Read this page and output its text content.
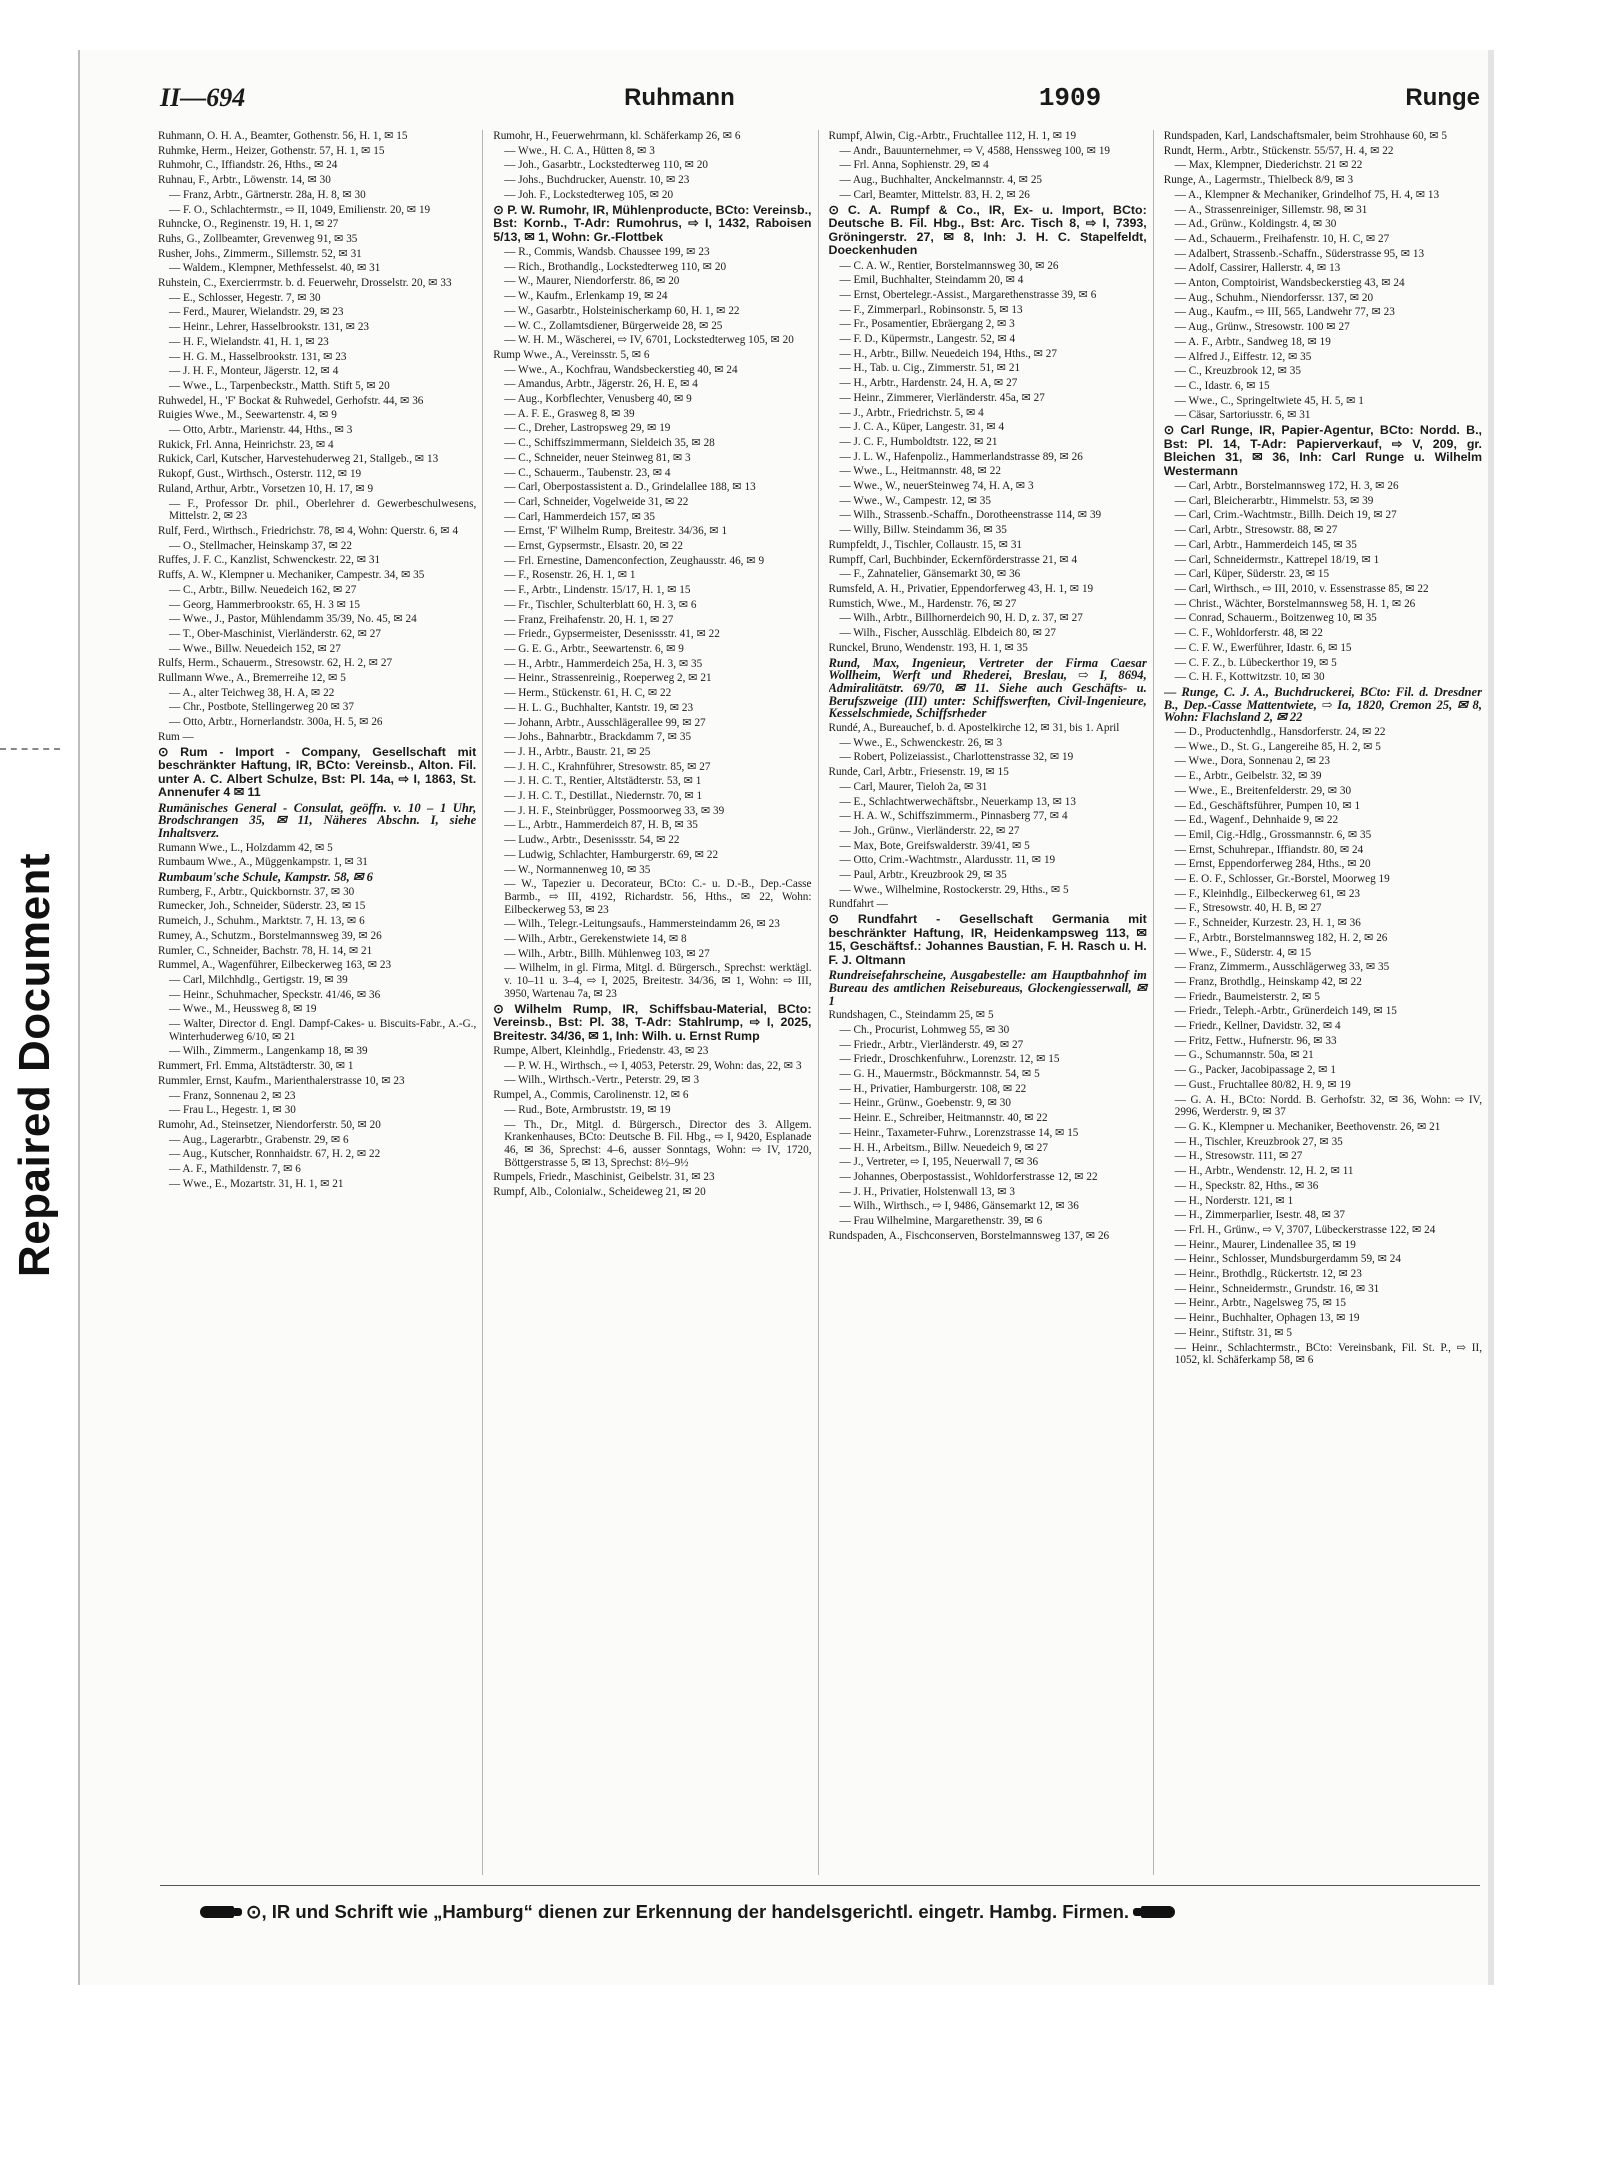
Repaired Document
II—694	Ruhmann	1909	Runge
Ruhmann, O. H. A., Beamter, Gothenstr. 56, H. 1, ✉ 15
Ruhmke, Herm., Heizer, Gothenstr. 57, H. 1, ✉ 15
Ruhmohr, C., Iffiandstr. 26, Hths., ✉ 24
Ruhnau, F., Arbtr., Löwenstr. 14, ✉ 30
— Franz, Arbtr., Gärtnerstr. 28a, H. 8, ✉ 30
— F. O., Schlachtermstr., ⇨ II, 1049, Emilienstr. 20, ✉ 19
Ruhncke, O., Reginenstr. 19, H. 1, ✉ 27
Ruhs, G., Zollbeamter, Grevenweg 91, ✉ 35
Rusher, Johs., Zimmerm., Sillemstr. 52, ✉ 31
— Waldem., Klempner, Methfesselst. 40, ✉ 31
Ruhstein, C., Exercierrmstr. b. d. Feuerwehr, Drosselstr. 20, ✉ 33
— E., Schlosser, Hegestr. 7, ✉ 30
— Ferd., Maurer, Wielandstr. 29, ✉ 23
— Heinr., Lehrer, Hasselbrookstr. 131, ✉ 23
— H. F., Wielandstr. 41, H. 1, ✉ 23
— H. G. M., Hasselbrookstr. 131, ✉ 23
— J. H. F., Monteur, Jägerstr. 12, ✉ 4
— Wwe., L., Tarpenbeckstr., Matth. Stift 5, ✉ 20
Ruhwedel, H., 'F' Bockat & Ruhwedel, Gerhofstr. 44, ✉ 36
Ruigies Wwe., M., Seewartenstr. 4, ✉ 9
— Otto, Arbtr., Marienstr. 44, Hths., ✉ 3
Rukick, Frl. Anna, Heinrichstr. 23, ✉ 4
Rukick, Carl, Kutscher, Harvestehuderweg 21, Stallgeb., ✉ 13
Rukopf, Gust., Wirthsch., Osterstr. 112, ✉ 19
Ruland, Arthur, Arbtr., Vorsetzen 10, H. 17, ✉ 9
— F., Professor Dr. phil., Oberlehrer d. Gewerbeschulwesens, Mittelstr. 2, ✉ 23
Rulf, Ferd., Wirthsch., Friedrichstr. 78, ✉ 4, Wohn: Querstr. 6, ✉ 4
— O., Stellmacher, Heinskamp 37, ✉ 22
Ruffes, J. F. C., Kanzlist, Schwenckestr. 22, ✉ 31
Ruffs, A. W., Klempner u. Mechaniker, Campestr. 34, ✉ 35
— C., Arbtr., Billw. Neuedeich 162, ✉ 27
— Georg, Hammerbrookstr. 65, H. 3 ✉ 15
— Wwe., J., Pastor, Mühlendamm 35/39, No. 45, ✉ 24
— T., Ober-Maschinist, Vierländerstr. 62, ✉ 27
— Wwe., Billw. Neuedeich 152, ✉ 27
Rulfs, Herm., Schauerm., Stresowstr. 62, H. 2, ✉ 27
Rullmann Wwe., A., Bremerreihe 12, ✉ 5
— A., alter Teichweg 38, H. A, ✉ 22
— Chr., Postbote, Stellingerweg 20 ✉ 37
— Otto, Arbtr., Hornerlandstr. 300a, H. 5, ✉ 26
Rum —
⊙ Rum - Import - Company, Gesellschaft mit beschränkter Haftung, IR, BCto: Vereinsb., Alton. Fil. unter A. C. Albert Schulze, Bst: Pl. 14a, ⇨ I, 1863, St. Annenufer 4 ✉ 11
Rumänisches General - Consulat, geöffn. v. 10 – 1 Uhr, Brodschrangen 35, ✉ 11, Näheres Abschn. I, siehe Inhaltsverz.
Rumann Wwe., L., Holzdamm 42, ✉ 5
Rumbaum Wwe., A., Müggenkampstr. 1, ✉ 31
Rumbaum'sche Schule, Kampstr. 58, ✉ 6
Rumberg, F., Arbtr., Quickbornstr. 37, ✉ 30
Rumecker, Joh., Schneider, Süderstr. 23, ✉ 15
Rumeich, J., Schuhm., Marktstr. 7, H. 13, ✉ 6
Rumey, A., Schutzm., Borstelmannsweg 39, ✉ 26
Rumler, C., Schneider, Bachstr. 78, H. 14, ✉ 21
Rummel, A., Wagenführer, Eilbeckerweg 163, ✉ 23
— Carl, Milchhdlg., Gertigstr. 19, ✉ 39
— Heinr., Schuhmacher, Speckstr. 41/46, ✉ 36
— Wwe., M., Heussweg 8, ✉ 19
— Walter, Director d. Engl. Dampf-Cakes- u. Biscuits-Fabr., A.-G., Winterhuderweg 6/10, ✉ 21
— Wilh., Zimmerm., Langenkamp 18, ✉ 39
Rummert, Frl. Emma, Altstädterstr. 30, ✉ 1
Rummler, Ernst, Kaufm., Marienthalerstrasse 10, ✉ 23
— Franz, Sonnenau 2, ✉ 23
— Frau L., Hegestr. 1, ✉ 30
Rumohr, Ad., Steinsetzer, Niendorferstr. 50, ✉ 20
— Aug., Lagerarbtr., Grabenstr. 29, ✉ 6
— Aug., Kutscher, Ronnhaidstr. 67, H. 2, ✉ 22
— A. F., Mathildenstr. 7, ✉ 6
— Wwe., E., Mozartstr. 31, H. 1, ✉ 21
Rumohr, H., Feuerwehrmann, kl. Schäferkamp 26, ✉ 6
— Wwe., H. C. A., Hütten 8, ✉ 3
— Joh., Gasarbtr., Lockstedterweg 110, ✉ 20
— Johs., Buchdrucker, Auenstr. 10, ✉ 23
— Joh. F., Lockstedterweg 105, ✉ 20
⊙ P. W. Rumohr, IR, Mühlenproducte, BCto: Vereinsb., Bst: Kornb., T-Adr: Rumohrus, ⇨ I, 1432, Raboisen 5/13, ✉ 1, Wohn: Gr.-Flottbek
— R., Commis, Wandsb. Chaussee 199, ✉ 23
— Rich., Brothandlg., Lockstedterweg 110, ✉ 20
— W., Maurer, Niendorferstr. 86, ✉ 20
— W., Kaufm., Erlenkamp 19, ✉ 24
— W., Gasarbtr., Holsteinischerkamp 60, H. 1, ✉ 22
— W. C., Zollamtsdiener, Bürgerweide 28, ✉ 25
— W. H. M., Wäscherei, ⇨ IV, 6701, Lockstedterweg 105, ✉ 20
Rump Wwe., A., Vereinsstr. 5, ✉ 6
— Wwe., A., Kochfrau, Wandsbeckerstieg 40, ✉ 24
— Amandus, Arbtr., Jägerstr. 26, H. E, ✉ 4
— Aug., Korbflechter, Venusberg 40, ✉ 9
— A. F. E., Grasweg 8, ✉ 39
— C., Dreher, Lastropsweg 29, ✉ 19
— C., Schiffszimmermann, Sieldeich 35, ✉ 28
— C., Schneider, neuer Steinweg 81, ✉ 3
— C., Schauerm., Taubenstr. 23, ✉ 4
— Carl, Oberpostassistent a. D., Grindelallee 188, ✉ 13
— Carl, Schneider, Vogelweide 31, ✉ 22
— Carl, Hammerdeich 157, ✉ 35
— Ernst, 'F' Wilhelm Rump, Breitestr. 34/36, ✉ 1
— Ernst, Gypsermstr., Elsastr. 20, ✉ 22
— Frl. Ernestine, Damenconfection, Zeughausstr. 46, ✉ 9
— F., Rosenstr. 26, H. 1, ✉ 1
— F., Arbtr., Lindenstr. 15/17, H. 1, ✉ 15
— Fr., Tischler, Schulterblatt 60, H. 3, ✉ 6
— Franz, Freihafenstr. 20, H. 1, ✉ 27
— Friedr., Gypsermeister, Desenissstr. 41, ✉ 22
— G. E. G., Arbtr., Seewartenstr. 6, ✉ 9
— H., Arbtr., Hammerdeich 25a, H. 3, ✉ 35
— Heinr., Strassenreinig., Roeperweg 2, ✉ 21
— Herm., Stückenstr. 61, H. C, ✉ 22
— H. L. G., Buchhalter, Kantstr. 19, ✉ 23
— Johann, Arbtr., Ausschlägerallee 99, ✉ 27
— Johs., Bahnarbtr., Brackdamm 7, ✉ 35
— J. H., Arbtr., Baustr. 21, ✉ 25
— J. H. C., Krahnführer, Stresowstr. 85, ✉ 27
— J. H. C. T., Rentier, Altstädterstr. 53, ✉ 1
— J. H. C. T., Destillat., Niedernstr. 70, ✉ 1
— J. H. F., Steinbrügger, Possmoorweg 33, ✉ 39
— L., Arbtr., Hammerdeich 87, H. B, ✉ 35
— Ludw., Arbtr., Desenissstr. 54, ✉ 22
— Ludwig, Schlachter, Hamburgerstr. 69, ✉ 22
— W., Normannenweg 10, ✉ 35
— W., Tapezier u. Decorateur, BCto: C.- u. D.-B., Dep.-Casse Barmb., ⇨ III, 4192, Richardstr. 56, Hths., ✉ 22, Wohn: Eilbeckerweg 53, ✉ 23
— Wilh., Telegr.-Leitungsaufs., Hammersteindamm 26, ✉ 23
— Wilh., Arbtr., Gerekenstwiete 14, ✉ 8
— Wilh., Arbtr., Billh. Mühlenweg 103, ✉ 27
— Wilhelm, in gl. Firma, Mitgl. d. Bürgersch., Sprechst: werktägl. v. 10–11 u. 3–4, ⇨ I, 2025, Breitestr. 34/36, ✉ 1, Wohn: ⇨ III, 3950, Wartenau 7a, ✉ 23
⊙ Wilhelm Rump, IR, Schiffsbau-Material, BCto: Vereinsb., Bst: Pl. 38, T-Adr: Stahlrump, ⇨ I, 2025, Breitestr. 34/36, ✉ 1, Inh: Wilh. u. Ernst Rump
Rumpe, Albert, Kleinhdlg., Friedenstr. 43, ✉ 23
— P. W. H., Wirthsch., ⇨ I, 4053, Peterstr. 29, Wohn: das, 22, ✉ 3
— Wilh., Wirthsch.-Vertr., Peterstr. 29, ✉ 3
Rumpel, A., Commis, Carolinenstr. 12, ✉ 6
— Rud., Bote, Armbruststr. 19, ✉ 19
— Th., Dr., Mitgl. d. Bürgersch., Director des 3. Allgem. Krankenhauses, BCto: Deutsche B. Fil. Hbg., ⇨ I, 9420, Esplanade 46, ✉ 36, Sprechst: 4–6, ausser Sonntags, Wohn: ⇨ IV, 1720, Böttgerstrasse 5, ✉ 13, Sprechst: 8½–9½
Rumpels, Friedr., Maschinist, Geibelstr. 31, ✉ 23
Rumpf, Alb., Colonialw., Scheideweg 21, ✉ 20
Rumpf, Alwin, Cig.-Arbtr., Fruchtallee 112, H. 1, ✉ 19
— Andr., Bauunternehmer, ⇨ V, 4588, Henssweg 100, ✉ 19
— Frl. Anna, Sophienstr. 29, ✉ 4
— Aug., Buchhalter, Anckelmannstr. 4, ✉ 25
— Carl, Beamter, Mittelstr. 83, H. 2, ✉ 26
⊙ C. A. Rumpf & Co., IR, Ex- u. Import, BCto: Deutsche B. Fil. Hbg., Bst: Arc. Tisch 8, ⇨ I, 7393, Gröningerstr. 27, ✉ 8, Inh: J. H. C. Stapelfeldt, Doeckenhuden
— C. A. W., Rentier, Borstelmannsweg 30, ✉ 26
— Emil, Buchhalter, Steindamm 20, ✉ 4
— Ernst, Obertelegr.-Assist., Margarethenstrasse 39, ✉ 6
— F., Zimmerparl., Robinsonstr. 5, ✉ 13
— Fr., Posamentier, Ebräergang 2, ✉ 3
— F. D., Küpermstr., Langestr. 52, ✉ 4
— H., Arbtr., Billw. Neuedeich 194, Hths., ✉ 27
— H., Tab. u. Cig., Zimmerstr. 51, ✉ 21
— H., Arbtr., Hardenstr. 24, H. A, ✉ 27
— Heinr., Zimmerer, Vierländerstr. 45a, ✉ 27
— J., Arbtr., Friedrichstr. 5, ✉ 4
— J. C. A., Küper, Langestr. 31, ✉ 4
— J. C. F., Humboldtstr. 122, ✉ 21
— J. L. W., Hafenpoliz., Hammerlandstrasse 89, ✉ 26
— Wwe., L., Heitmannstr. 48, ✉ 22
— Wwe., W., neuerSteinweg 74, H. A, ✉ 3
— Wwe., W., Campestr. 12, ✉ 35
— Wilh., Strassenb.-Schaffn., Dorotheenstrasse 114, ✉ 39
— Willy, Billw. Steindamm 36, ✉ 35
Rumpfeldt, J., Tischler, Collaustr. 15, ✉ 31
Rumpff, Carl, Buchbinder, Eckernförderstrasse 21, ✉ 4
— F., Zahnatelier, Gänsemarkt 30, ✉ 36
Rumsfeld, A. H., Privatier, Eppendorferweg 43, H. 1, ✉ 19
Rumstich, Wwe., M., Hardenstr. 76, ✉ 27
— Wilh., Arbtr., Billhornerdeich 90, H. D, z. 37, ✉ 27
— Wilh., Fischer, Ausschläg. Elbdeich 80, ✉ 27
Runckel, Bruno, Wendenstr. 193, H. 1, ✉ 35
Rund, Max, Ingenieur, Vertreter der Firma Caesar Wollheim, Werft und Rhederei, Breslau, ⇨ I, 8694, Admiralitätstr. 69/70, ✉ 11. Siehe auch Geschäfts- u. Berufszweige (III) unter: Schiffswerften, Civil-Ingenieure, Kesselschmiede, Schiffsrheder
Rundé, A., Bureauchef, b. d. Apostelkirche 12, ✉ 31, bis 1. April
— Wwe., E., Schwenckestr. 26, ✉ 3
— Robert, Polizeiassist., Charlottenstrasse 32, ✉ 19
Runde, Carl, Arbtr., Friesenstr. 19, ✉ 15
— Carl, Maurer, Tieloh 2a, ✉ 31
— E., Schlachtwerwechäftsbr., Neuerkamp 13, ✉ 13
— H. A. W., Schiffszimmerm., Pinnasberg 77, ✉ 4
— Joh., Grünw., Vierländerstr. 22, ✉ 27
— Max, Bote, Greifswalderstr. 39/41, ✉ 5
— Otto, Crim.-Wachtmstr., Alardusstr. 11, ✉ 19
— Paul, Arbtr., Kreuzbrook 29, ✉ 35
— Wwe., Wilhelmine, Rostockerstr. 29, Hths., ✉ 5
Rundfahrt —
⊙ Rundfahrt - Gesellschaft Germania mit beschränkter Haftung, IR, Heidenkampsweg 113, ✉ 15, Geschäftsf.: Johannes Baustian, F. H. Rasch u. H. F. J. Oltmann
Rundreisefahrscheine, Ausgabestelle: am Hauptbahnhof im Bureau des amtlichen Reisebureaus, Glockengiesserwall, ✉ 1
Rundshagen, C., Steindamm 25, ✉ 5
— Ch., Procurist, Lohmweg 55, ✉ 30
— Friedr., Arbtr., Vierländerstr. 49, ✉ 27
— Friedr., Droschkenfuhrw., Lorenzstr. 12, ✉ 15
— G. H., Mauermstr., Böckmannstr. 54, ✉ 5
— H., Privatier, Hamburgerstr. 108, ✉ 22
— Heinr., Grünw., Goebenstr. 9, ✉ 30
— Heinr. E., Schreiber, Heitmannstr. 40, ✉ 22
— Heinr., Taxameter-Fuhrw., Lorenzstrasse 14, ✉ 15
— H. H., Arbeitsm., Billw. Neuedeich 9, ✉ 27
— J., Vertreter, ⇨ I, 195, Neuerwall 7, ✉ 36
— Johannes, Oberpostassist., Wohldorferstrasse 12, ✉ 22
— J. H., Privatier, Holstenwall 13, ✉ 3
— Wilh., Wirthsch., ⇨ I, 9486, Gänsemarkt 12, ✉ 36
— Frau Wilhelmine, Margarethenstr. 39, ✉ 6
Rundspaden, A., Fischconserven, Borstelmannsweg 137, ✉ 26
Rundspaden, Karl, Landschaftsmaler, beim Strohhause 60, ✉ 5
Rundt, Herm., Arbtr., Stückenstr. 55/57, H. 4, ✉ 22
— Max, Klempner, Diederichstr. 21 ✉ 22
Runge, A., Lagermstr., Thielbeck 8/9, ✉ 3
— A., Klempner & Mechaniker, Grindelhof 75, H. 4, ✉ 13
— A., Strassenreiniger, Sillemstr. 98, ✉ 31
— Ad., Grünw., Koldingstr. 4, ✉ 30
— Ad., Schauerm., Freihafenstr. 10, H. C, ✉ 27
— Adalbert, Strassenb.-Schaffn., Süderstrasse 95, ✉ 13
— Adolf, Cassirer, Hallerstr. 4, ✉ 13
— Anton, Comptoirist, Wandsbeckerstieg 43, ✉ 24
— Aug., Schuhm., Niendorferssr. 137, ✉ 20
— Aug., Kaufm., ⇨ III, 565, Landwehr 77, ✉ 23
— Aug., Grünw., Stresowstr. 100 ✉ 27
— A. F., Arbtr., Sandweg 18, ✉ 19
— Alfred J., Eiffestr. 12, ✉ 35
— C., Kreuzbrook 12, ✉ 35
— C., Idastr. 6, ✉ 15
— Wwe., C., Springeltwiete 45, H. 5, ✉ 1
— Cäsar, Sartoriusstr. 6, ✉ 31
⊙ Carl Runge, IR, Papier-Agentur, BCto: Nordd. B., Bst: Pl. 14, T-Adr: Papierverkauf, ⇨ V, 209, gr. Bleichen 31, ✉ 36, Inh: Carl Runge u. Wilhelm Westermann
— Carl, Arbtr., Borstelmannsweg 172, H. 3, ✉ 26
— Carl, Bleicherarbtr., Himmelstr. 53, ✉ 39
— Carl, Crim.-Wachtmstr., Billh. Deich 19, ✉ 27
— Carl, Arbtr., Stresowstr. 88, ✉ 27
— Carl, Arbtr., Hammerdeich 145, ✉ 35
— Carl, Schneidermstr., Kattrepel 18/19, ✉ 1
— Carl, Küper, Süderstr. 23, ✉ 15
— Carl, Wirthsch., ⇨ III, 2010, v. Essenstrasse 85, ✉ 22
— Christ., Wächter, Borstelmannsweg 58, H. 1, ✉ 26
— Conrad, Schauerm., Boitzenweg 10, ✉ 35
— C. F., Wohldorferstr. 48, ✉ 22
— C. F. W., Ewerführer, Idastr. 6, ✉ 15
— C. F. Z., b. Lübeckerthor 19, ✉ 5
— C. H. F., Kottwitzstr. 10, ✉ 30
— Runge, C. J. A., Buchdruckerei, BCto: Fil. d. Dresdner B., Dep.-Casse Mattentwiete, ⇨ Ia, 1820, Cremon 25, ✉ 8, Wohn: Flachsland 2, ✉ 22
— D., Productenhdlg., Hansdorferstr. 24, ✉ 22
— Wwe., D., St. G., Langereihe 85, H. 2, ✉ 5
— Wwe., Dora, Sonnenau 2, ✉ 23
— E., Arbtr., Geibelstr. 32, ✉ 39
— Wwe., E., Breitenfelderstr. 29, ✉ 30
— Ed., Geschäftsführer, Pumpen 10, ✉ 1
— Ed., Wagenf., Dehnhaide 9, ✉ 22
— Emil, Cig.-Hdlg., Grossmannstr. 6, ✉ 35
— Ernst, Schuhrepar., Iffiandstr. 80, ✉ 24
— Ernst, Eppendorferweg 284, Hths., ✉ 20
— E. O. F., Schlosser, Gr.-Borstel, Moorweg 19
— F., Kleinhdlg., Eilbeckerweg 61, ✉ 23
— F., Stresowstr. 40, H. B, ✉ 27
— F., Schneider, Kurzestr. 23, H. 1, ✉ 36
— F., Arbtr., Borstelmannsweg 182, H. 2, ✉ 26
— Wwe., F., Süderstr. 4, ✉ 15
— Franz, Zimmerm., Ausschlägerweg 33, ✉ 35
— Franz, Brothdlg., Heinskamp 42, ✉ 22
— Friedr., Baumeisterstr. 2, ✉ 5
— Friedr., Teleph.-Arbtr., Grünerdeich 149, ✉ 15
— Friedr., Kellner, Davidstr. 32, ✉ 4
— Fritz, Fettw., Hufnerstr. 96, ✉ 33
— G., Schumannstr. 50a, ✉ 21
— G., Packer, Jacobipassage 2, ✉ 1
— Gust., Fruchtallee 80/82, H. 9, ✉ 19
— G. A. H., BCto: Nordd. B. Gerhofstr. 32, ✉ 36, Wohn: ⇨ IV, 2996, Werderstr. 9, ✉ 37
— G. K., Klempner u. Mechaniker, Beethovenstr. 26, ✉ 21
— H., Tischler, Kreuzbrook 27, ✉ 35
— H., Stresowstr. 111, ✉ 27
— H., Arbtr., Wendenstr. 12, H. 2, ✉ 11
— H., Speckstr. 82, Hths., ✉ 36
— H., Norderstr. 121, ✉ 1
— H., Zimmerparlier, Isestr. 48, ✉ 37
— Frl. H., Grünw., ⇨ V, 3707, Lübeckerstrasse 122, ✉ 24
— Heinr., Maurer, Lindenallee 35, ✉ 19
— Heinr., Schlosser, Mundsburgerdamm 59, ✉ 24
— Heinr., Brothdlg., Rückertstr. 12, ✉ 23
— Heinr., Schneidermstr., Grundstr. 16, ✉ 31
— Heinr., Arbtr., Nagelsweg 75, ✉ 15
— Heinr., Buchhalter, Ophagen 13, ✉ 19
— Heinr., Stiftstr. 31, ✉ 5
— Heinr., Schlachtermstr., BCto: Vereinsbank, Fil. St. P., ⇨ II, 1052, kl. Schäferkamp 58, ✉ 6
⊙, IR und Schrift wie „Hamburg“ dienen zur Erkennung der handelsgerichtl. eingetr. Hambg. Firmen.
